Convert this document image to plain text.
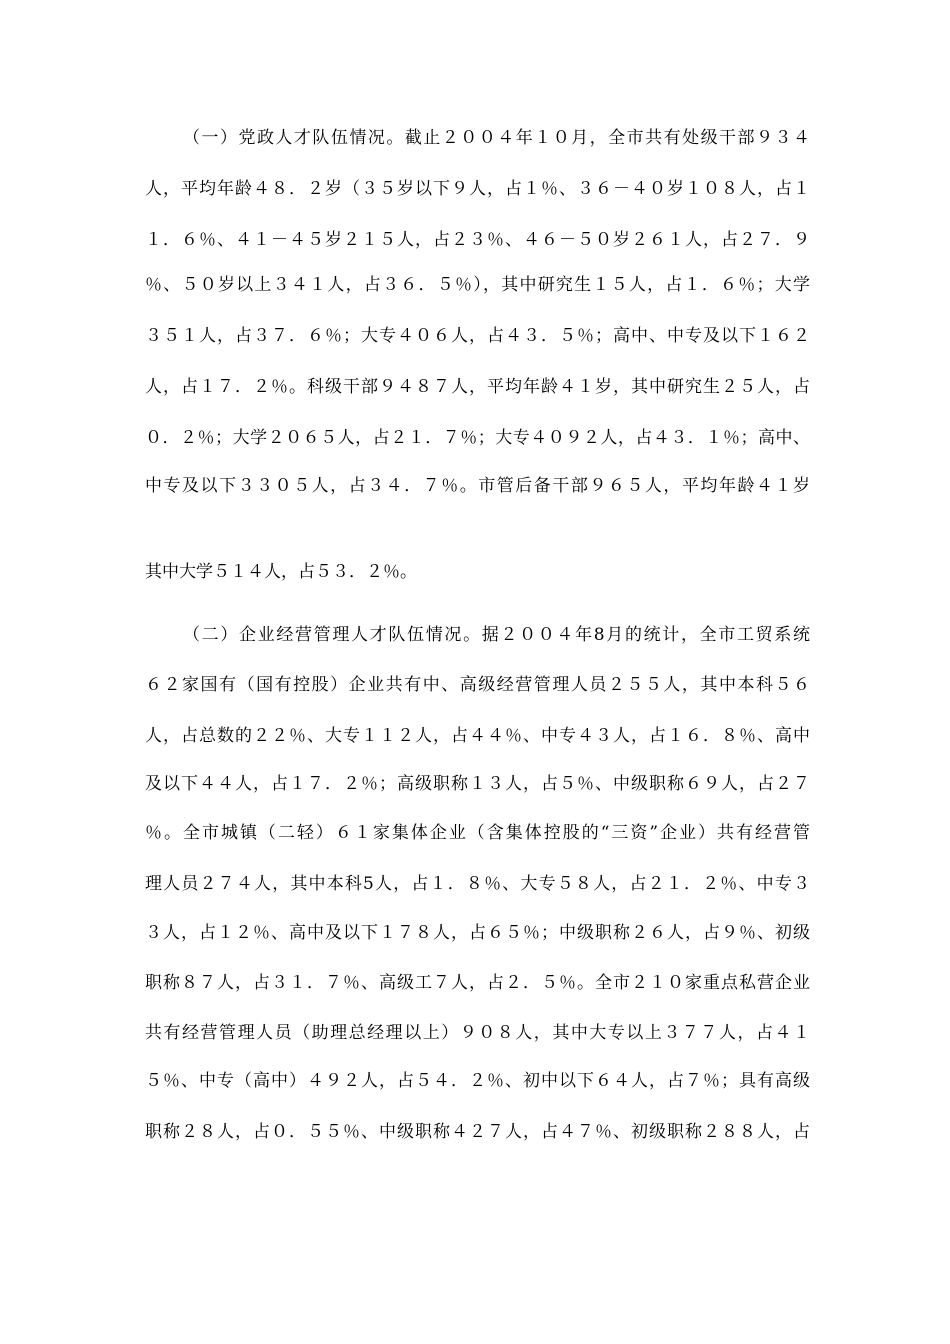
（一）党政人才队伍情况。截止２００４年１０月，全市共有处级干部９３４

人，平均年龄４８．２岁（３５岁以下９人，占１％、３６－４０岁１０８人，占１

１．６％、４１－４５岁２１５人，占２３％、４６－５０岁２６１人，占２７．９

％、５０岁以上３４１人，占３６．５％），其中研究生１５人，占１．６％；大学

３５１人，占３７．６％；大专４０６人，占４３．５％；高中、中专及以下１６２

人，占１７．２％。科级干部９４８７人，平均年龄４１岁，其中研究生２５人，占

０．２％；大学２０６５人，占２１．７％；大专４０９２人，占４３．１％；高中、

中专及以下３３０５人，占３４．７％。市管后备干部９６５人，平均年龄４１岁

其中大学５１４人，占５３．２％。

（二）企业经营管理人才队伍情况。据２００４年8月的统计，全市工贸系统

６２家国有（国有控股）企业共有中、高级经营管理人员２５５人，其中本科５６

人，占总数的２２％、大专１１２人，占４４％、中专４３人，占１６．８％、高中

及以下４４人，占１７．２％；高级职称１３人，占５％、中级职称６９人，占２７

％。全市城镇（二轻）６１家集体企业（含集体控股的“三资”企业）共有经营管

理人员２７４人，其中本科5人，占１．８％、大专５８人，占２１．２％、中专３

３人，占１２％、高中及以下１７８人，占６５％；中级职称２６人，占９％、初级

职称８７人，占３１．７％、高级工７人，占２．５％。全市２１０家重点私营企业

共有经营管理人员（助理总经理以上）９０８人，其中大专以上３７７人，占４１

５％、中专（高中）４９２人，占５４．２％、初中以下６４人，占７％；具有高级

职称２８人，占０．５５％、中级职称４２７人，占４７％、初级职称２８８人，占
